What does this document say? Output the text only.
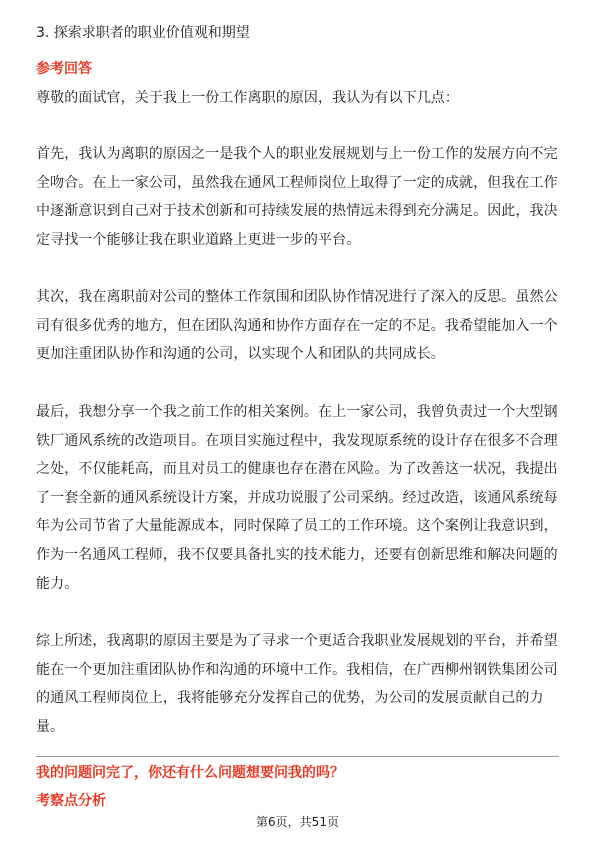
3. 探索求职者的职业价值观和期望
参考回答
尊敬的面试官，关于我上一份工作离职的原因，我认为有以下几点：

首先，我认为离职的原因之一是我个人的职业发展规划与上一份工作的发展方向不完全吻合。在上一家公司，虽然我在通风工程师岗位上取得了一定的成就，但我在工作中逐渐意识到自己对于技术创新和可持续发展的热情远未得到充分满足。因此，我决定寻找一个能够让我在职业道路上更进一步的平台。

其次，我在离职前对公司的整体工作氛围和团队协作情况进行了深入的反思。虽然公司有很多优秀的地方，但在团队沟通和协作方面存在一定的不足。我希望能加入一个更加注重团队协作和沟通的公司，以实现个人和团队的共同成长。

最后，我想分享一个我之前工作的相关案例。在上一家公司，我曾负责过一个大型钢铁厂通风系统的改造项目。在项目实施过程中，我发现原系统的设计存在很多不合理之处，不仅能耗高，而且对员工的健康也存在潜在风险。为了改善这一状况，我提出了一套全新的通风系统设计方案，并成功说服了公司采纳。经过改造，该通风系统每年为公司节省了大量能源成本，同时保障了员工的工作环境。这个案例让我意识到，作为一名通风工程师，我不仅要具备扎实的技术能力，还要有创新思维和解决问题的能力。

综上所述，我离职的原因主要是为了寻求一个更适合我职业发展规划的平台，并希望能在一个更加注重团队协作和沟通的环境中工作。我相信，在广西柳州钢铁集团公司的通风工程师岗位上，我将能够充分发挥自己的优势，为公司的发展贡献自己的力量。

我的问题问完了，你还有什么问题想要问我的吗？
考察点分析
第6页，共51页
